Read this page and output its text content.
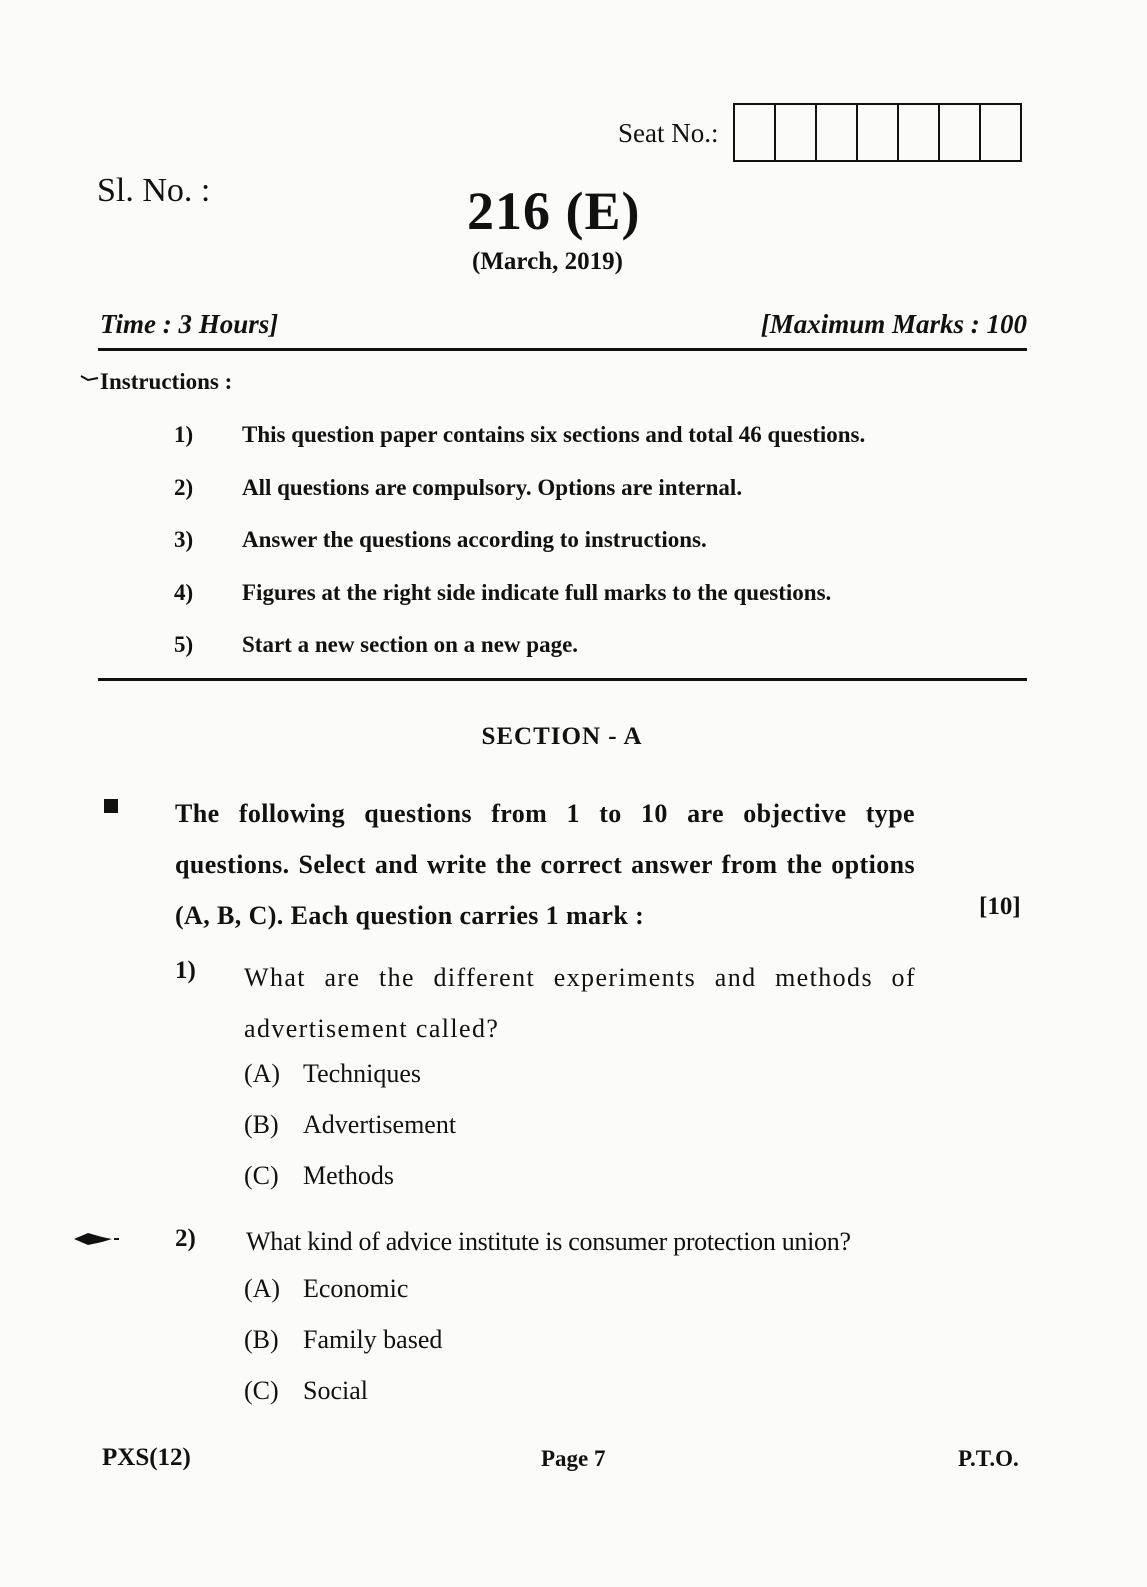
Seat No.:
Sl. No. :	216 (E)
(March, 2019)
Time : 3 Hours]	[Maximum Marks : 100
Instructions :
1)	This question paper contains six sections and total 46 questions.
2)	All questions are compulsory. Options are internal.
3)	Answer the questions according to instructions.
4)	Figures at the right side indicate full marks to the questions.
5)	Start a new section on a new page.
SECTION - A
The following questions from 1 to 10 are objective type questions. Select and write the correct answer from the options (A, B, C). Each question carries 1 mark :	[10]
1) What are the different experiments and methods of advertisement called?
(A) Techniques
(B) Advertisement
(C) Methods
2) What kind of advice institute is consumer protection union?
(A) Economic
(B) Family based
(C) Social
PXS(12)	Page 7	P.T.O.
